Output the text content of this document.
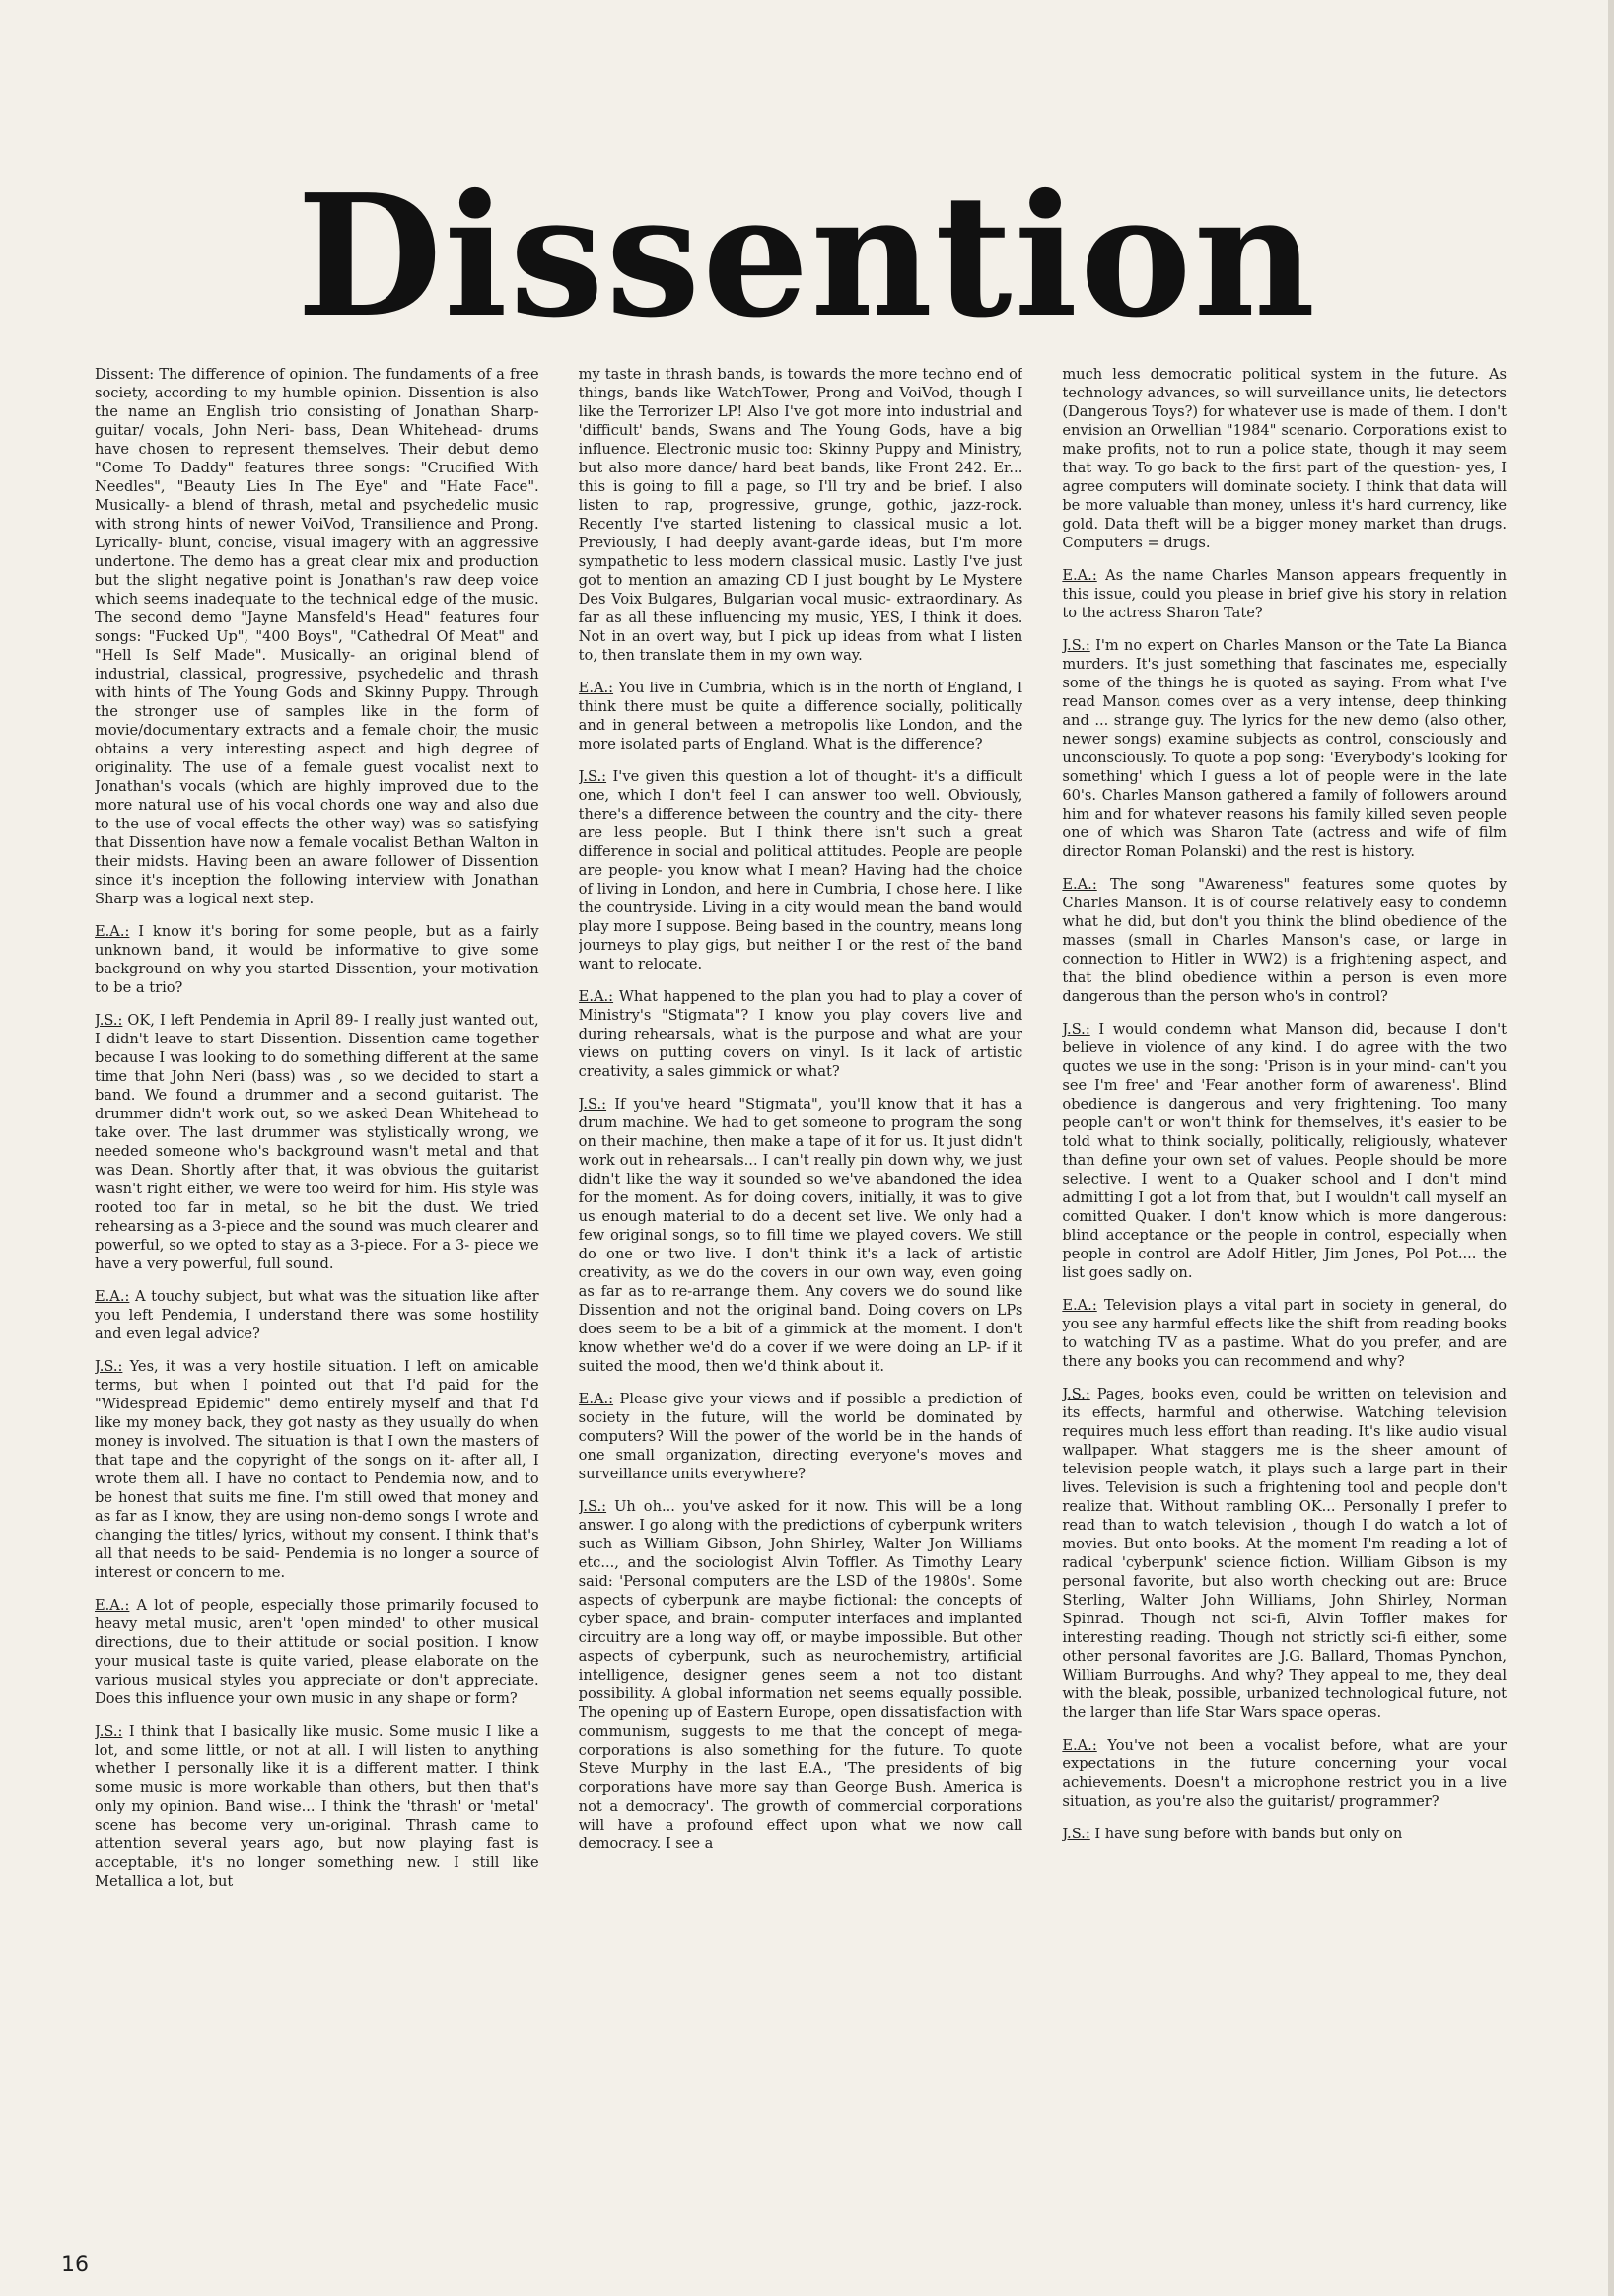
Dissention

Dissent: The difference of opinion. The fundaments of a free society, according to my humble opinion. Dissention is also the name an English trio consisting of Jonathan Sharp- guitar/ vocals, John Neri- bass, Dean Whitehead- drums have chosen to represent themselves. Their debut demo "Come To Daddy" features three songs: "Crucified With Needles", "Beauty Lies In The Eye" and "Hate Face". Musically- a blend of thrash, metal and psychedelic music with strong hints of newer VoiVod, Transilience and Prong. Lyrically- blunt, concise, visual imagery with an aggressive undertone. The demo has a great clear mix and production but the slight negative point is Jonathan's raw deep voice which seems inadequate to the technical edge of the music. The second demo "Jayne Mansfeld's Head" features four songs: "Fucked Up", "400 Boys", "Cathedral Of Meat" and "Hell Is Self Made". Musically- an original blend of industrial, classical, progressive, psychedelic and thrash with hints of The Young Gods and Skinny Puppy. Through the stronger use of samples like in the form of movie/documentary extracts and a female choir, the music obtains a very interesting aspect and high degree of originality. The use of a female guest vocalist next to Jonathan's vocals (which are highly improved due to the more natural use of his vocal chords one way and also due to the use of vocal effects the other way) was so satisfying that Dissention have now a female vocalist Bethan Walton in their midsts. Having been an aware follower of Dissention since it's inception the following interview with Jonathan Sharp was a logical next step.

E.A.: I know it's boring for some people, but as a fairly unknown band, it would be informative to give some background on why you started Dissention, your motivation to be a trio?

J.S.: OK, I left Pendemia in April 89- I really just wanted out, I didn't leave to start Dissention. Dissention came together because I was looking to do something different at the same time that John Neri (bass) was , so we decided to start a band. We found a drummer and a second guitarist. The drummer didn't work out, so we asked Dean Whitehead to take over. The last drummer was stylistically wrong, we needed someone who's background wasn't metal and that was Dean. Shortly after that, it was obvious the guitarist wasn't right either, we were too weird for him. His style was rooted too far in metal, so he bit the dust. We tried rehearsing as a 3-piece and the sound was much clearer and powerful, so we opted to stay as a 3-piece. For a 3- piece we have a very powerful, full sound.

E.A.: A touchy subject, but what was the situation like after you left Pendemia, I understand there was some hostility and even legal advice?

J.S.: Yes, it was a very hostile situation. I left on amicable terms, but when I pointed out that I'd paid for the "Widespread Epidemic" demo entirely myself and that I'd like my money back, they got nasty as they usually do when money is involved. The situation is that I own the masters of that tape and the copyright of the songs on it- after all, I wrote them all. I have no contact to Pendemia now, and to be honest that suits me fine. I'm still owed that money and as far as I know, they are using non-demo songs I wrote and changing the titles/ lyrics, without my consent. I think that's all that needs to be said- Pendemia is no longer a source of interest or concern to me.

E.A.: A lot of people, especially those primarily focused to heavy metal music, aren't 'open minded' to other musical directions, due to their attitude or social position. I know your musical taste is quite varied, please elaborate on the various musical styles you appreciate or don't appreciate. Does this influence your own music in any shape or form?

J.S.: I think that I basically like music. Some music I like a lot, and some little, or not at all. I will listen to anything whether I personally like it is a different matter. I think some music is more workable than others, but then that's only my opinion. Band wise... I think the 'thrash' or 'metal' scene has become very un-original. Thrash came to attention several years ago, but now playing fast is acceptable, it's no longer something new. I still like Metallica a lot, but

my taste in thrash bands, is towards the more techno end of things, bands like WatchTower, Prong and VoiVod, though I like the Terrorizer LP! Also I've got more into industrial and 'difficult' bands, Swans and The Young Gods, have a big influence. Electronic music too: Skinny Puppy and Ministry, but also more dance/ hard beat bands, like Front 242. Er... this is going to fill a page, so I'll try and be brief. I also listen to rap, progressive, grunge, gothic, jazz-rock. Recently I've started listening to classical music a lot. Previously, I had deeply avant-garde ideas, but I'm more sympathetic to less modern classical music. Lastly I've just got to mention an amazing CD I just bought by Le Mystere Des Voix Bulgares, Bulgarian vocal music- extraordinary. As far as all these influencing my music, YES, I think it does. Not in an overt way, but I pick up ideas from what I listen to, then translate them in my own way.

E.A.: You live in Cumbria, which is in the north of England, I think there must be quite a difference socially, politically and in general between a metropolis like London, and the more isolated parts of England. What is the difference?

J.S.: I've given this question a lot of thought- it's a difficult one, which I don't feel I can answer too well. Obviously, there's a difference between the country and the city- there are less people. But I think there isn't such a great difference in social and political attitudes. People are people are people- you know what I mean? Having had the choice of living in London, and here in Cumbria, I chose here. I like the countryside. Living in a city would mean the band would play more I suppose. Being based in the country, means long journeys to play gigs, but neither I or the rest of the band want to relocate.

E.A.: What happened to the plan you had to play a cover of Ministry's "Stigmata"? I know you play covers live and during rehearsals, what is the purpose and what are your views on putting covers on vinyl. Is it lack of artistic creativity, a sales gimmick or what?

J.S.: If you've heard "Stigmata", you'll know that it has a drum machine. We had to get someone to program the song on their machine, then make a tape of it for us. It just didn't work out in rehearsals... I can't really pin down why, we just didn't like the way it sounded so we've abandoned the idea for the moment. As for doing covers, initially, it was to give us enough material to do a decent set live. We only had a few original songs, so to fill time we played covers. We still do one or two live. I don't think it's a lack of artistic creativity, as we do the covers in our own way, even going as far as to re-arrange them. Any covers we do sound like Dissention and not the original band. Doing covers on LPs does seem to be a bit of a gimmick at the moment. I don't know whether we'd do a cover if we were doing an LP- if it suited the mood, then we'd think about it.

E.A.: Please give your views and if possible a prediction of society in the future, will the world be dominated by computers? Will the power of the world be in the hands of one small organization, directing everyone's moves and surveillance units everywhere?

J.S.: Uh oh... you've asked for it now. This will be a long answer. I go along with the predictions of cyberpunk writers such as William Gibson, John Shirley, Walter Jon Williams etc..., and the sociologist Alvin Toffler. As Timothy Leary said: 'Personal computers are the LSD of the 1980s'. Some aspects of cyberpunk are maybe fictional: the concepts of cyber space, and brain- computer interfaces and implanted circuitry are a long way off, or maybe impossible. But other aspects of cyberpunk, such as neurochemistry, artificial intelligence, designer genes seem a not too distant possibility. A global information net seems equally possible. The opening up of Eastern Europe, open dissatisfaction with communism, suggests to me that the concept of mega- corporations is also something for the future. To quote Steve Murphy in the last E.A., 'The presidents of big corporations have more say than George Bush. America is not a democracy'. The growth of commercial corporations will have a profound effect upon what we now call democracy. I see a

much less democratic political system in the future. As technology advances, so will surveillance units, lie detectors (Dangerous Toys?) for whatever use is made of them. I don't envision an Orwellian "1984" scenario. Corporations exist to make profits, not to run a police state, though it may seem that way. To go back to the first part of the question- yes, I agree computers will dominate society. I think that data will be more valuable than money, unless it's hard currency, like gold. Data theft will be a bigger money market than drugs. Computers = drugs.

E.A.: As the name Charles Manson appears frequently in this issue, could you please in brief give his story in relation to the actress Sharon Tate?

J.S.: I'm no expert on Charles Manson or the Tate La Bianca murders. It's just something that fascinates me, especially some of the things he is quoted as saying. From what I've read Manson comes over as a very intense, deep thinking and ... strange guy. The lyrics for the new demo (also other, newer songs) examine subjects as control, consciously and unconsciously. To quote a pop song: 'Everybody's looking for something' which I guess a lot of people were in the late 60's. Charles Manson gathered a family of followers around him and for whatever reasons his family killed seven people one of which was Sharon Tate (actress and wife of film director Roman Polanski) and the rest is history.

E.A.: The song "Awareness" features some quotes by Charles Manson. It is of course relatively easy to condemn what he did, but don't you think the blind obedience of the masses (small in Charles Manson's case, or large in connection to Hitler in WW2) is a frightening aspect, and that the blind obedience within a person is even more dangerous than the person who's in control?

J.S.: I would condemn what Manson did, because I don't believe in violence of any kind. I do agree with the two quotes we use in the song: 'Prison is in your mind- can't you see I'm free' and 'Fear another form of awareness'. Blind obedience is dangerous and very frightening. Too many people can't or won't think for themselves, it's easier to be told what to think socially, politically, religiously, whatever than define your own set of values. People should be more selective. I went to a Quaker school and I don't mind admitting I got a lot from that, but I wouldn't call myself an comitted Quaker. I don't know which is more dangerous: blind acceptance or the people in control, especially when people in control are Adolf Hitler, Jim Jones, Pol Pot.... the list goes sadly on.

E.A.: Television plays a vital part in society in general, do you see any harmful effects like the shift from reading books to watching TV as a pastime. What do you prefer, and are there any books you can recommend and why?

J.S.: Pages, books even, could be written on television and its effects, harmful and otherwise. Watching television requires much less effort than reading. It's like audio visual wallpaper. What staggers me is the sheer amount of television people watch, it plays such a large part in their lives. Television is such a frightening tool and people don't realize that. Without rambling OK... Personally I prefer to read than to watch television , though I do watch a lot of movies. But onto books. At the moment I'm reading a lot of radical 'cyberpunk' science fiction. William Gibson is my personal favorite, but also worth checking out are: Bruce Sterling, Walter John Williams, John Shirley, Norman Spinrad. Though not sci-fi, Alvin Toffler makes for interesting reading. Though not strictly sci-fi either, some other personal favorites are J.G. Ballard, Thomas Pynchon, William Burroughs. And why? They appeal to me, they deal with the bleak, possible, urbanized technological future, not the larger than life Star Wars space operas.

E.A.: You've not been a vocalist before, what are your expectations in the future concerning your vocal achievements. Doesn't a microphone restrict you in a live situation, as you're also the guitarist/ programmer?

J.S.: I have sung before with bands but only on

16
